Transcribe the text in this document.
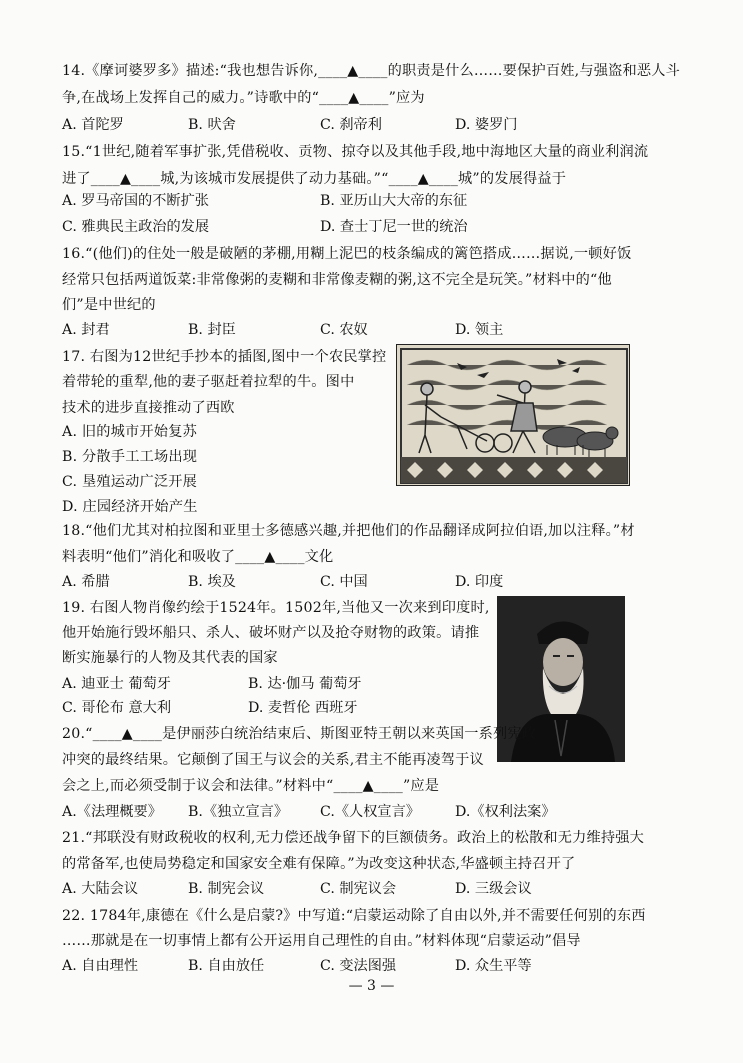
14.《摩诃婆罗多》描述:“我也想告诉你,____▲____的职责是什么……要保护百姓,与强盗和恶人斗
争,在战场上发挥自己的威力。”诗歌中的“____▲____”应为
A. 首陀罗	B. 吠舍	C. 刹帝利	D. 婆罗门
15.“1世纪,随着军事扩张,凭借税收、贡物、掠夺以及其他手段,地中海地区大量的商业利润流
进了____▲____城,为该城市发展提供了动力基础。”“____▲____城”的发展得益于
A. 罗马帝国的不断扩张	B. 亚历山大大帝的东征
C. 雅典民主政治的发展	D. 查士丁尼一世的统治
16.“(他们)的住处一般是破陋的茅棚,用糊上泥巴的枝条编成的篱笆搭成……据说,一顿好饭
经常只包括两道饭菜:非常像粥的麦糊和非常像麦糊的粥,这不完全是玩笑。”材料中的“他
们”是中世纪的
A. 封君	B. 封臣	C. 农奴	D. 领主
17. 右图为12世纪手抄本的插图,图中一个农民掌控
着带轮的重犁,他的妻子驱赶着拉犁的牛。图中
技术的进步直接推动了西欧
A. 旧的城市开始复苏
B. 分散手工工场出现
C. 垦殖运动广泛开展
D. 庄园经济开始产生
18.“他们尤其对柏拉图和亚里士多德感兴趣,并把他们的作品翻译成阿拉伯语,加以注释。”材
料表明“他们”消化和吸收了____▲____文化
A. 希腊	B. 埃及	C. 中国	D. 印度
19. 右图人物肖像约绘于1524年。1502年,当他又一次来到印度时,
他开始施行毁坏船只、杀人、破坏财产以及抢夺财物的政策。请推
断实施暴行的人物及其代表的国家
A. 迪亚士 葡萄牙	B. 达·伽马 葡萄牙
C. 哥伦布 意大利	D. 麦哲伦 西班牙
20.“____▲____是伊丽莎白统治结束后、斯图亚特王朝以来英国一系列宪政
冲突的最终结果。它颠倒了国王与议会的关系,君主不能再凌驾于议
会之上,而必须受制于议会和法律。”材料中“____▲____”应是
A.《法理概要》 B.《独立宣言》 C.《人权宣言》 D.《权利法案》
21.“邦联没有财政税收的权利,无力偿还战争留下的巨额债务。政治上的松散和无力维持强大
的常备军,也使局势稳定和国家安全难有保障。”为改变这种状态,华盛顿主持召开了
A. 大陆会议	B. 制宪会议	C. 制宪议会	D. 三级会议
22. 1784年,康德在《什么是启蒙?》中写道:“启蒙运动除了自由以外,并不需要任何别的东西
……那就是在一切事情上都有公开运用自己理性的自由。”材料体现“启蒙运动”倡导
A. 自由理性	B. 自由放任	C. 变法图强	D. 众生平等
— 3 —
